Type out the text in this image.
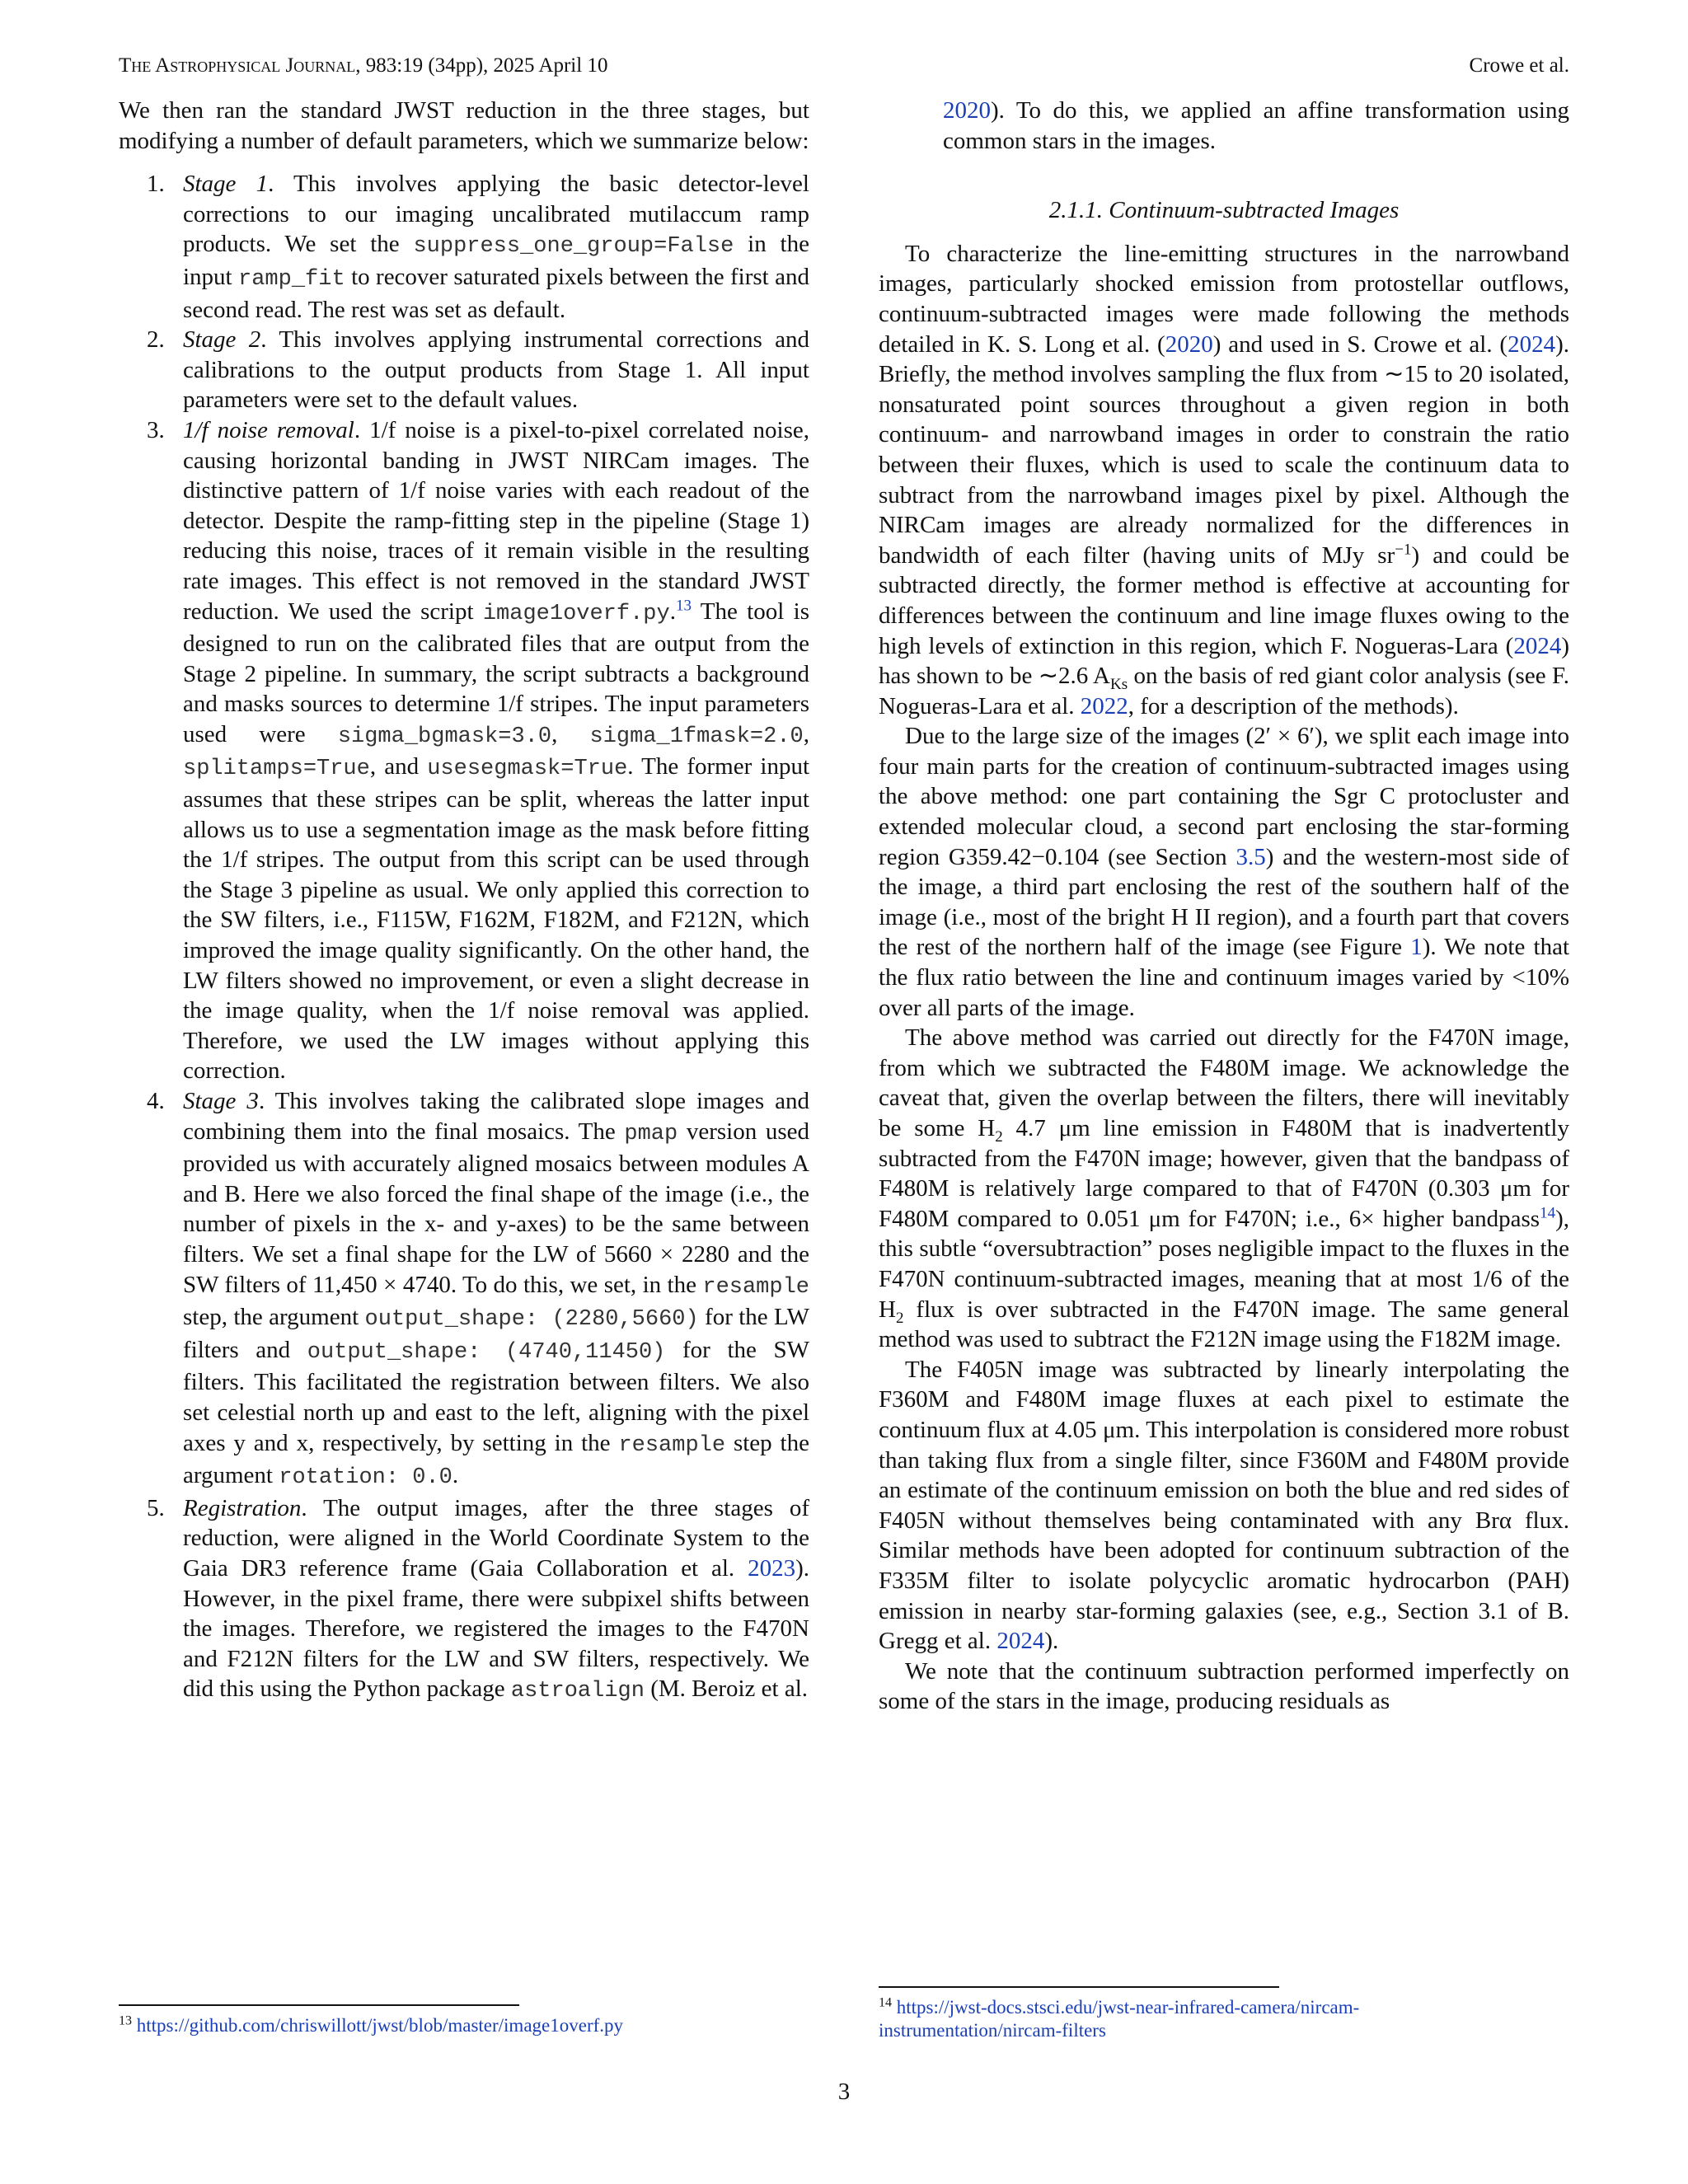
The Astrophysical Journal, 983:19 (34pp), 2025 April 10	Crowe et al.

We then ran the standard JWST reduction in the three stages, but modifying a number of default parameters, which we summarize below:

1. Stage 1. This involves applying the basic detector-level corrections to our imaging uncalibrated mutilaccum ramp products. We set the suppress_one_group=False in the input ramp_fit to recover saturated pixels between the first and second read. The rest was set as default.
2. Stage 2. This involves applying instrumental corrections and calibrations to the output products from Stage 1. All input parameters were set to the default values.
3. 1/f noise removal. 1/f noise is a pixel-to-pixel correlated noise, causing horizontal banding in JWST NIRCam images. The distinctive pattern of 1/f noise varies with each readout of the detector. Despite the ramp-fitting step in the pipeline (Stage 1) reducing this noise, traces of it remain visible in the resulting rate images. This effect is not removed in the standard JWST reduction. We used the script image1overf.py.$^{13}$ The tool is designed to run on the calibrated files that are output from the Stage 2 pipeline. In summary, the script subtracts a background and masks sources to determine 1/f stripes. The input parameters used were sigma_bgmask=3.0, sigma_1fmask=2.0, splitamps=True, and usesegmask=True. The former input assumes that these stripes can be split, whereas the latter input allows us to use a segmentation image as the mask before fitting the 1/f stripes. The output from this script can be used through the Stage 3 pipeline as usual. We only applied this correction to the SW filters, i.e., F115W, F162M, F182M, and F212N, which improved the image quality significantly. On the other hand, the LW filters showed no improvement, or even a slight decrease in the image quality, when the 1/f noise removal was applied. Therefore, we used the LW images without applying this correction.
4. Stage 3. This involves taking the calibrated slope images and combining them into the final mosaics. The pmap version used provided us with accurately aligned mosaics between modules A and B. Here we also forced the final shape of the image (i.e., the number of pixels in the x- and y-axes) to be the same between filters. We set a final shape for the LW of 5660 × 2280 and the SW filters of 11,450 × 4740. To do this, we set, in the resample step, the argument output_shape: (2280,5660) for the LW filters and output_shape: (4740,11450) for the SW filters. This facilitated the registration between filters. We also set celestial north up and east to the left, aligning with the pixel axes y and x, respectively, by setting in the resample step the argument rotation: 0.0.
5. Registration. The output images, after the three stages of reduction, were aligned in the World Coordinate System to the Gaia DR3 reference frame (Gaia Collaboration et al. 2023). However, in the pixel frame, there were subpixel shifts between the images. Therefore, we registered the images to the F470N and F212N filters for the LW and SW filters, respectively. We did this using the Python package astroalign (M. Beroiz et al.
$^{13}$ https://github.com/chriswillott/jwst/blob/master/image1overf.py

2020). To do this, we applied an affine transformation using common stars in the images.

2.1.1. Continuum-subtracted Images

To characterize the line-emitting structures in the narrowband images, particularly shocked emission from protostellar outflows, continuum-subtracted images were made following the methods detailed in K. S. Long et al. (2020) and used in S. Crowe et al. (2024). Briefly, the method involves sampling the flux from ∼15 to 20 isolated, nonsaturated point sources throughout a given region in both continuum- and narrowband images in order to constrain the ratio between their fluxes, which is used to scale the continuum data to subtract from the narrowband images pixel by pixel. Although the NIRCam images are already normalized for the differences in bandwidth of each filter (having units of MJy $sr^{-1}$) and could be subtracted directly, the former method is effective at accounting for differences between the continuum and line image fluxes owing to the high levels of extinction in this region, which F. Nogueras-Lara (2024) has shown to be ∼2.6 $A_{Ks}$ on the basis of red giant color analysis (see F. Nogueras-Lara et al. 2022, for a description of the methods).

Due to the large size of the images (2′ × 6′), we split each image into four main parts for the creation of continuum-subtracted images using the above method: one part containing the Sgr C protocluster and extended molecular cloud, a second part enclosing the star-forming region G359.42−0.104 (see Section 3.5) and the western-most side of the image, a third part enclosing the rest of the southern half of the image (i.e., most of the bright H II region), and a fourth part that covers the rest of the northern half of the image (see Figure 1). We note that the flux ratio between the line and continuum images varied by <10% over all parts of the image.

The above method was carried out directly for the F470N image, from which we subtracted the F480M image. We acknowledge the caveat that, given the overlap between the filters, there will inevitably be some $H_2$ 4.7 μm line emission in F480M that is inadvertently subtracted from the F470N image; however, given that the bandpass of F480M is relatively large compared to that of F470N (0.303 μm for F480M compared to 0.051 μm for F470N; i.e., 6× higher bandpass$^{14}$), this subtle “oversubtraction” poses negligible impact to the fluxes in the F470N continuum-subtracted images, meaning that at most 1/6 of the $H_2$ flux is over subtracted in the F470N image. The same general method was used to subtract the F212N image using the F182M image.

The F405N image was subtracted by linearly interpolating the F360M and F480M image fluxes at each pixel to estimate the continuum flux at 4.05 μm. This interpolation is considered more robust than taking flux from a single filter, since F360M and F480M provide an estimate of the continuum emission on both the blue and red sides of F405N without themselves being contaminated with any Brα flux. Similar methods have been adopted for continuum subtraction of the F335M filter to isolate polycyclic aromatic hydrocarbon (PAH) emission in nearby star-forming galaxies (see, e.g., Section 3.1 of B. Gregg et al. 2024).

We note that the continuum subtraction performed imperfectly on some of the stars in the image, producing residuals as

$^{14}$ https://jwst-docs.stsci.edu/jwst-near-infrared-camera/nircam-instrumentation/nircam-filters
3
